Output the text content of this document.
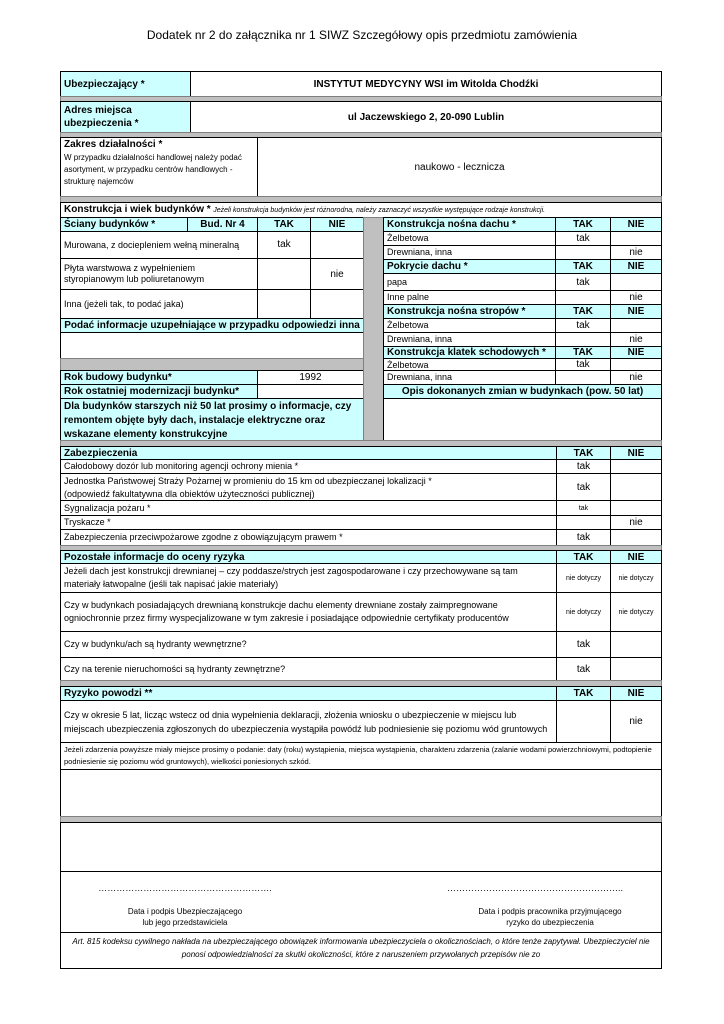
Dodatek nr 2 do załącznika nr 1 SIWZ Szczegółowy opis przedmiotu zamówienia
Ubezpieczający *	INSTYTUT MEDYCYNY WSI im Witolda Chodźki
Adres miejsca ubezpieczenia *
ul Jaczewskiego 2, 20-090 Lublin
Zakres działalności *
W przypadku działalności handlowej należy podać asortyment, w przypadku centrów handlowych - strukturę najemców
naukowo - lecznicza
Konstrukcja i wiek budynków * Jeżeli konstrukcja budynków jest różnorodna, należy zaznaczyć wszystkie występujące rodzaje konstrukcji.
Ściany budynków *	Bud. Nr 4	TAK	NIE
Murowana, z dociepleniem wełną mineralną	tak
Płyta warstwowa z wypełnieniem styropianowym lub poliuretanowym	nie
Inna (jeżeli tak, to podać jaka)
Podać informacje uzupełniające w przypadku odpowiedzi inna
Rok budowy budynku*	1992
Rok ostatniej modernizacji budynku*
Dla budynków starszych niż 50 lat prosimy o informacje, czy remontem objęte były dach, instalacje elektryczne oraz wskazane elementy konstrukcyjne
Konstrukcja nośna dachu *	TAK	NIE
Żelbetowa	tak
Drewniana, inna	nie
Pokrycie dachu *	TAK	NIE
papa	tak
Inne palne	nie
Konstrukcja nośna stropów *	TAK	NIE
Żelbetowa	tak
Drewniana, inna	nie
Konstrukcja klatek schodowych *	TAK	NIE
Żelbetowa	tak
Drewniana, inna	nie
Opis dokonanych zmian w budynkach (pow. 50 lat)
Zabezpieczenia	TAK	NIE
Całodobowy dozór lub monitoring agencji ochrony mienia *	tak
Jednostka Państwowej Straży Pożarnej w promieniu do 15 km od ubezpieczanej lokalizacji *
(odpowiedź fakultatywna dla obiektów użyteczności publicznej)
tak
Sygnalizacja pożaru *	tak
Tryskacze *	nie
Zabezpieczenia przeciwpożarowe zgodne z obowiązującym prawem *	tak
Pozostałe informacje do oceny ryzyka	TAK	NIE
Jeżeli dach jest konstrukcji drewnianej – czy poddasze/strych jest zagospodarowane i czy przechowywane są tam materiały łatwopalne (jeśli tak napisać jakie materiały)
nie dotyczy	nie dotyczy
Czy w budynkach posiadających drewnianą konstrukcje dachu elementy drewniane zostały zaimpregnowane ogniochronnie przez firmy wyspecjalizowane w tym zakresie i posiadające odpowiednie certyfikaty producentów
nie dotyczy	nie dotyczy
Czy w budynku/ach są hydranty wewnętrzne?	tak
Czy na terenie nieruchomości są hydranty zewnętrzne?	tak
Ryzyko powodzi **	TAK	NIE
Czy w okresie 5 lat, licząc wstecz od dnia wypełnienia deklaracji, złożenia wniosku o ubezpieczenie w miejscu lub miejscach ubezpieczenia zgłoszonych do ubezpieczenia wystąpiła powódź lub podniesienie się poziomu wód gruntowych
nie
Jeżeli zdarzenia powyższe miały miejsce prosimy o podanie: daty (roku) wystąpienia, miejsca wystąpienia, charakteru zdarzenia (zalanie wodami powierzchniowymi, podtopienie podniesienie się poziomu wód gruntowych), wielkości poniesionych szkód.
………………………………………………….	…………………………………………………..
Data i podpis Ubezpieczającego
lub jego przedstawiciela
Data i podpis pracownika przyjmującego
ryzyko do ubezpieczenia
Art. 815 kodeksu cywilnego nakłada na ubezpieczającego obowiązek informowania ubezpieczyciela o okolicznościach, o które tenże zapytywał. Ubezpieczyciel nie ponosi odpowiedzialności za skutki okoliczności, które z naruszeniem przywołanych przepisów nie zo
